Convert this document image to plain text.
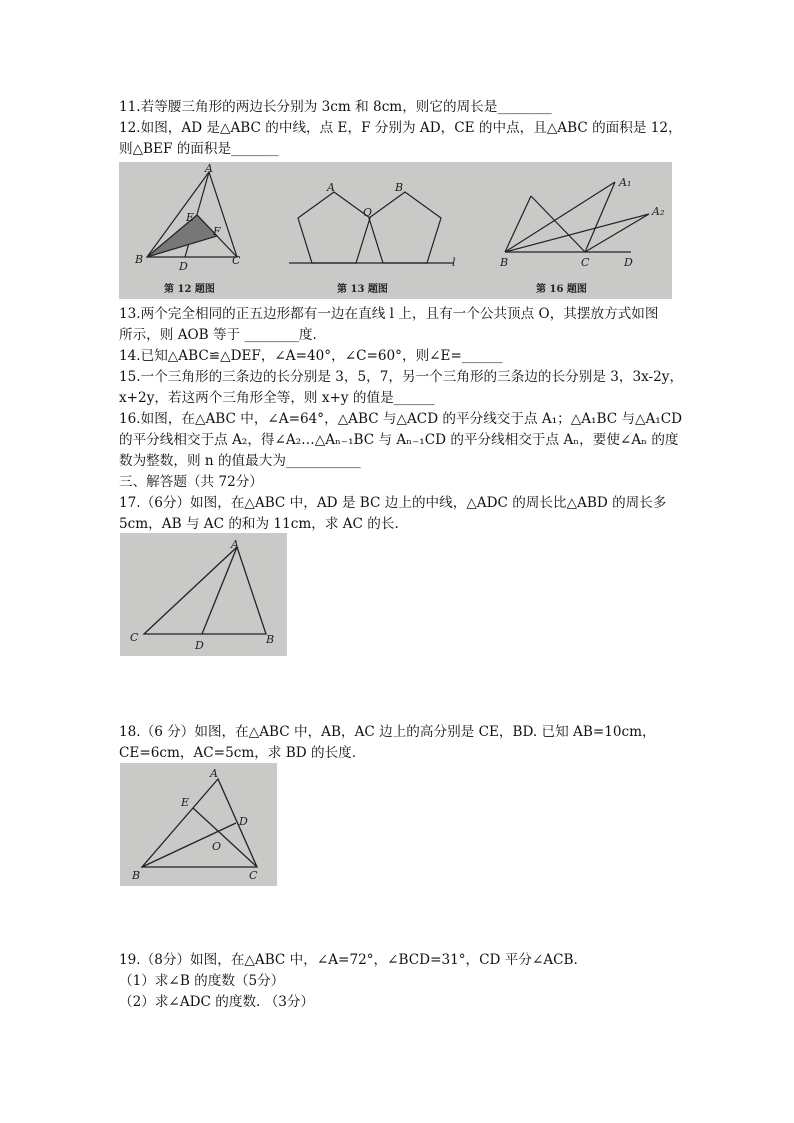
11.若等腰三角形的两边长分别为 3cm 和 8cm，则它的周长是________
12.如图，AD 是△ABC 的中线，点 E，F 分别为 AD，CE 的中点，且△ABC 的面积是 12，
则△BEF 的面积是_______
A
E
F
B
D	C
A
O
B
l
A₁
A₂
B	C	D
第 12 题图	第 13 题图	第 16 题图
13.两个完全相同的正五边形都有一边在直线 l 上，且有一个公共顶点 O，其摆放方式如图
所示，则 AOB 等于 ________度.
14.已知△ABC≌△DEF，∠A=40°，∠C=60°，则∠E=______
15.一个三角形的三条边的长分别是 3，5，7，另一个三角形的三条边的长分别是 3，3x-2y，
x+2y，若这两个三角形全等，则 x+y 的值是______
16.如图，在△ABC 中，∠A=64°，△ABC 与△ACD 的平分线交于点 A₁；△A₁BC 与△A₁CD
的平分线相交于点 A₂，得∠A₂…△Aₙ₋₁BC 与 Aₙ₋₁CD 的平分线相交于点 Aₙ，要使∠Aₙ 的度
数为整数，则 n 的值最大为___________
三、解答题（共 72分）
17.（6分）如图，在△ABC 中，AD 是 BC 边上的中线，△ADC 的周长比△ABD 的周长多
5cm，AB 与 AC 的和为 11cm，求 AC 的长.
A
C
D	B
18.（6 分）如图，在△ABC 中，AB，AC 边上的高分别是 CE，BD. 已知 AB=10cm，
CE=6cm，AC=5cm，求 BD 的长度.
A
E
D
O
B	C
19.（8分）如图，在△ABC 中，∠A=72°，∠BCD=31°，CD 平分∠ACB.
（1）求∠B 的度数（5分）
（2）求∠ADC 的度数. （3分）
